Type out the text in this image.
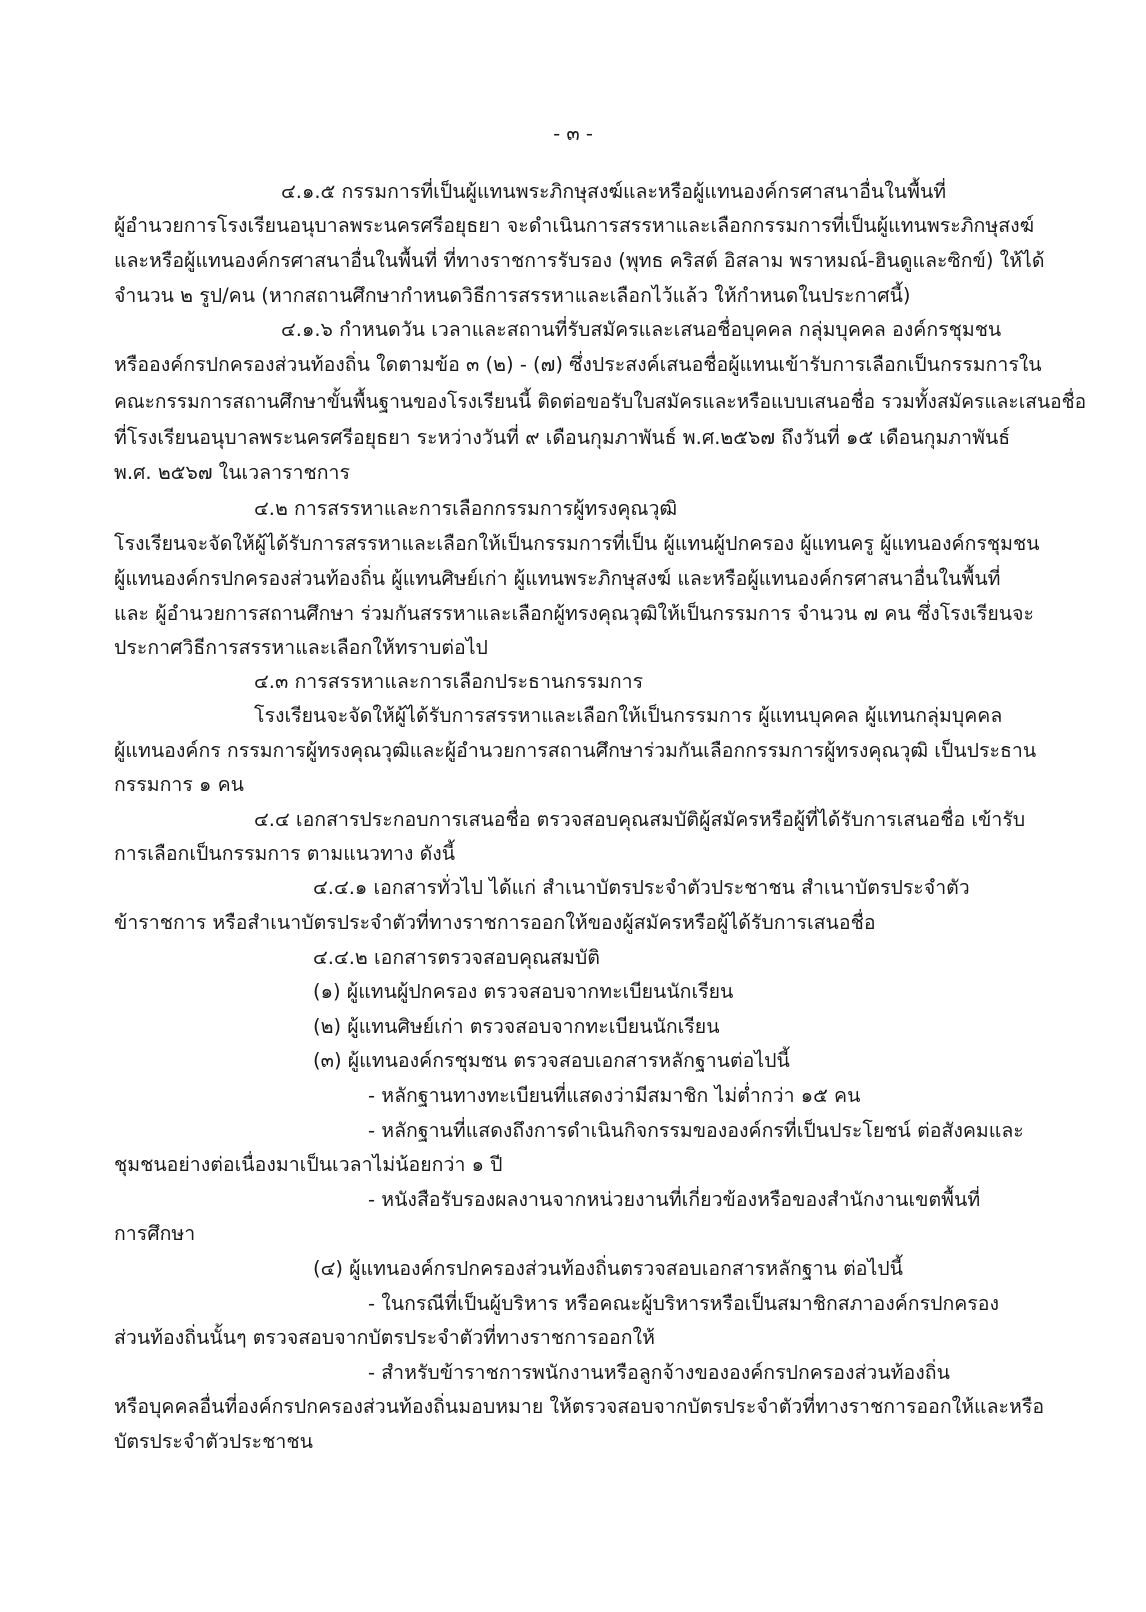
- ๓ -
๔.๑.๕ กรรมการที่เป็นผู้แทนพระภิกษุสงฆ์และหรือผู้แทนองค์กรศาสนาอื่นในพื้นที่
ผู้อำนวยการโรงเรียนอนุบาลพระนครศรีอยุธยา จะดำเนินการสรรหาและเลือกกรรมการที่เป็นผู้แทนพระภิกษุสงฆ์
และหรือผู้แทนองค์กรศาสนาอื่นในพื้นที่ ที่ทางราชการรับรอง (พุทธ คริสต์ อิสลาม พราหมณ์-ฮินดูและซิกข์) ให้ได้
จำนวน ๒ รูป/คน (หากสถานศึกษากำหนดวิธีการสรรหาและเลือกไว้แล้ว ให้กำหนดในประกาศนี้)
๔.๑.๖ กำหนดวัน เวลาและสถานที่รับสมัครและเสนอชื่อบุคคล กลุ่มบุคคล องค์กรชุมชน
หรือองค์กรปกครองส่วนท้องถิ่น ใดตามข้อ ๓ (๒) - (๗) ซึ่งประสงค์เสนอชื่อผู้แทนเข้ารับการเลือกเป็นกรรมการใน
คณะกรรมการสถานศึกษาขั้นพื้นฐานของโรงเรียนนี้ ติดต่อขอรับใบสมัครและหรือแบบเสนอชื่อ รวมทั้งสมัครและเสนอชื่อ
ที่โรงเรียนอนุบาลพระนครศรีอยุธยา ระหว่างวันที่ ๙ เดือนกุมภาพันธ์ พ.ศ.๒๕๖๗ ถึงวันที่ ๑๕ เดือนกุมภาพันธ์
พ.ศ. ๒๕๖๗ ในเวลาราชการ
๔.๒ การสรรหาและการเลือกกรรมการผู้ทรงคุณวุฒิ
โรงเรียนจะจัดให้ผู้ได้รับการสรรหาและเลือกให้เป็นกรรมการที่เป็น ผู้แทนผู้ปกครอง ผู้แทนครู ผู้แทนองค์กรชุมชน
ผู้แทนองค์กรปกครองส่วนท้องถิ่น ผู้แทนศิษย์เก่า ผู้แทนพระภิกษุสงฆ์ และหรือผู้แทนองค์กรศาสนาอื่นในพื้นที่
และ ผู้อำนวยการสถานศึกษา ร่วมกันสรรหาและเลือกผู้ทรงคุณวุฒิให้เป็นกรรมการ จำนวน ๗ คน ซึ่งโรงเรียนจะ
ประกาศวิธีการสรรหาและเลือกให้ทราบต่อไป
๔.๓ การสรรหาและการเลือกประธานกรรมการ
โรงเรียนจะจัดให้ผู้ได้รับการสรรหาและเลือกให้เป็นกรรมการ ผู้แทนบุคคล ผู้แทนกลุ่มบุคคล
ผู้แทนองค์กร กรรมการผู้ทรงคุณวุฒิและผู้อำนวยการสถานศึกษาร่วมกันเลือกกรรมการผู้ทรงคุณวุฒิ เป็นประธาน
กรรมการ ๑ คน
๔.๔ เอกสารประกอบการเสนอชื่อ ตรวจสอบคุณสมบัติผู้สมัครหรือผู้ที่ได้รับการเสนอชื่อ เข้ารับ
การเลือกเป็นกรรมการ ตามแนวทาง ดังนี้
๔.๔.๑ เอกสารทั่วไป ได้แก่ สำเนาบัตรประจำตัวประชาชน สำเนาบัตรประจำตัว
ข้าราชการ หรือสำเนาบัตรประจำตัวที่ทางราชการออกให้ของผู้สมัครหรือผู้ได้รับการเสนอชื่อ
๔.๔.๒ เอกสารตรวจสอบคุณสมบัติ
(๑) ผู้แทนผู้ปกครอง ตรวจสอบจากทะเบียนนักเรียน
(๒) ผู้แทนศิษย์เก่า ตรวจสอบจากทะเบียนนักเรียน
(๓) ผู้แทนองค์กรชุมชน ตรวจสอบเอกสารหลักฐานต่อไปนี้
- หลักฐานทางทะเบียนที่แสดงว่ามีสมาชิก ไม่ต่ำกว่า ๑๕ คน
- หลักฐานที่แสดงถึงการดำเนินกิจกรรมขององค์กรที่เป็นประโยชน์ ต่อสังคมและ
ชุมชนอย่างต่อเนื่องมาเป็นเวลาไม่น้อยกว่า ๑ ปี
- หนังสือรับรองผลงานจากหน่วยงานที่เกี่ยวข้องหรือของสำนักงานเขตพื้นที่
การศึกษา
(๔) ผู้แทนองค์กรปกครองส่วนท้องถิ่นตรวจสอบเอกสารหลักฐาน ต่อไปนี้
- ในกรณีที่เป็นผู้บริหาร หรือคณะผู้บริหารหรือเป็นสมาชิกสภาองค์กรปกครอง
ส่วนท้องถิ่นนั้นๆ ตรวจสอบจากบัตรประจำตัวที่ทางราชการออกให้
- สำหรับข้าราชการพนักงานหรือลูกจ้างขององค์กรปกครองส่วนท้องถิ่น
หรือบุคคลอื่นที่องค์กรปกครองส่วนท้องถิ่นมอบหมาย ให้ตรวจสอบจากบัตรประจำตัวที่ทางราชการออกให้และหรือ
บัตรประจำตัวประชาชน
